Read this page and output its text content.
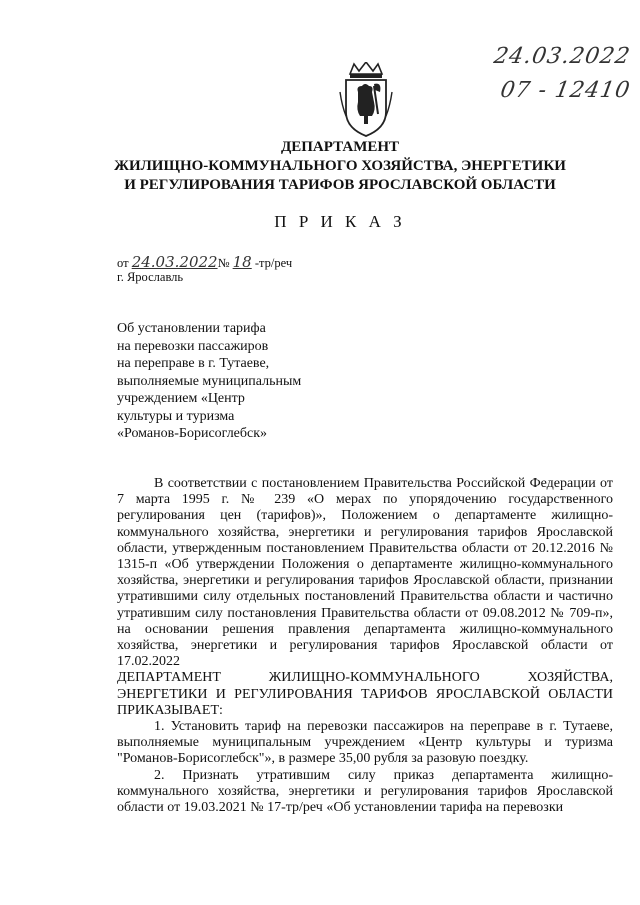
24.03.2022
07 - 12410
ДЕПАРТАМЕНТ
ЖИЛИЩНО-КОММУНАЛЬНОГО ХОЗЯЙСТВА, ЭНЕРГЕТИКИ
И РЕГУЛИРОВАНИЯ ТАРИФОВ ЯРОСЛАВСКОЙ ОБЛАСТИ
П Р И К А З
от 24.03.2022№ 18 -тр/реч
г. Ярославль
Об установлении тарифа
на перевозки пассажиров
на переправе в г. Тутаеве,
выполняемые муниципальным
учреждением «Центр
культуры и туризма
«Романов-Борисоглебск»

В соответствии с постановлением Правительства Российской Федерации от 7 марта 1995 г. № 239 «О мерах по упорядочению государственного регулирования цен (тарифов)», Положением о департаменте жилищно-коммунального хозяйства, энергетики и регулирования тарифов Ярославской области, утвержденным постановлением Правительства области от 20.12.2016 № 1315-п «Об утверждении Положения о департаменте жилищно-коммунального хозяйства, энергетики и регулирования тарифов Ярославской области, признании утратившими силу отдельных постановлений Правительства области и частично утратившим силу постановления Правительства области от 09.08.2012 № 709-п», на основании решения правления департамента жилищно-коммунального хозяйства, энергетики и регулирования тарифов Ярославской области от 17.02.2022

ДЕПАРТАМЕНТ ЖИЛИЩНО-КОММУНАЛЬНОГО ХОЗЯЙСТВА, ЭНЕРГЕТИКИ И РЕГУЛИРОВАНИЯ ТАРИФОВ ЯРОСЛАВСКОЙ ОБЛАСТИ ПРИКАЗЫВАЕТ:

1. Установить тариф на перевозки пассажиров на переправе в г. Тутаеве, выполняемые муниципальным учреждением «Центр культуры и туризма "Романов-Борисоглебск"», в размере 35,00 рубля за разовую поездку.

2. Признать утратившим силу приказ департамента жилищно-коммунального хозяйства, энергетики и регулирования тарифов Ярославской области от 19.03.2021 № 17-тр/реч «Об установлении тарифа на перевозки
